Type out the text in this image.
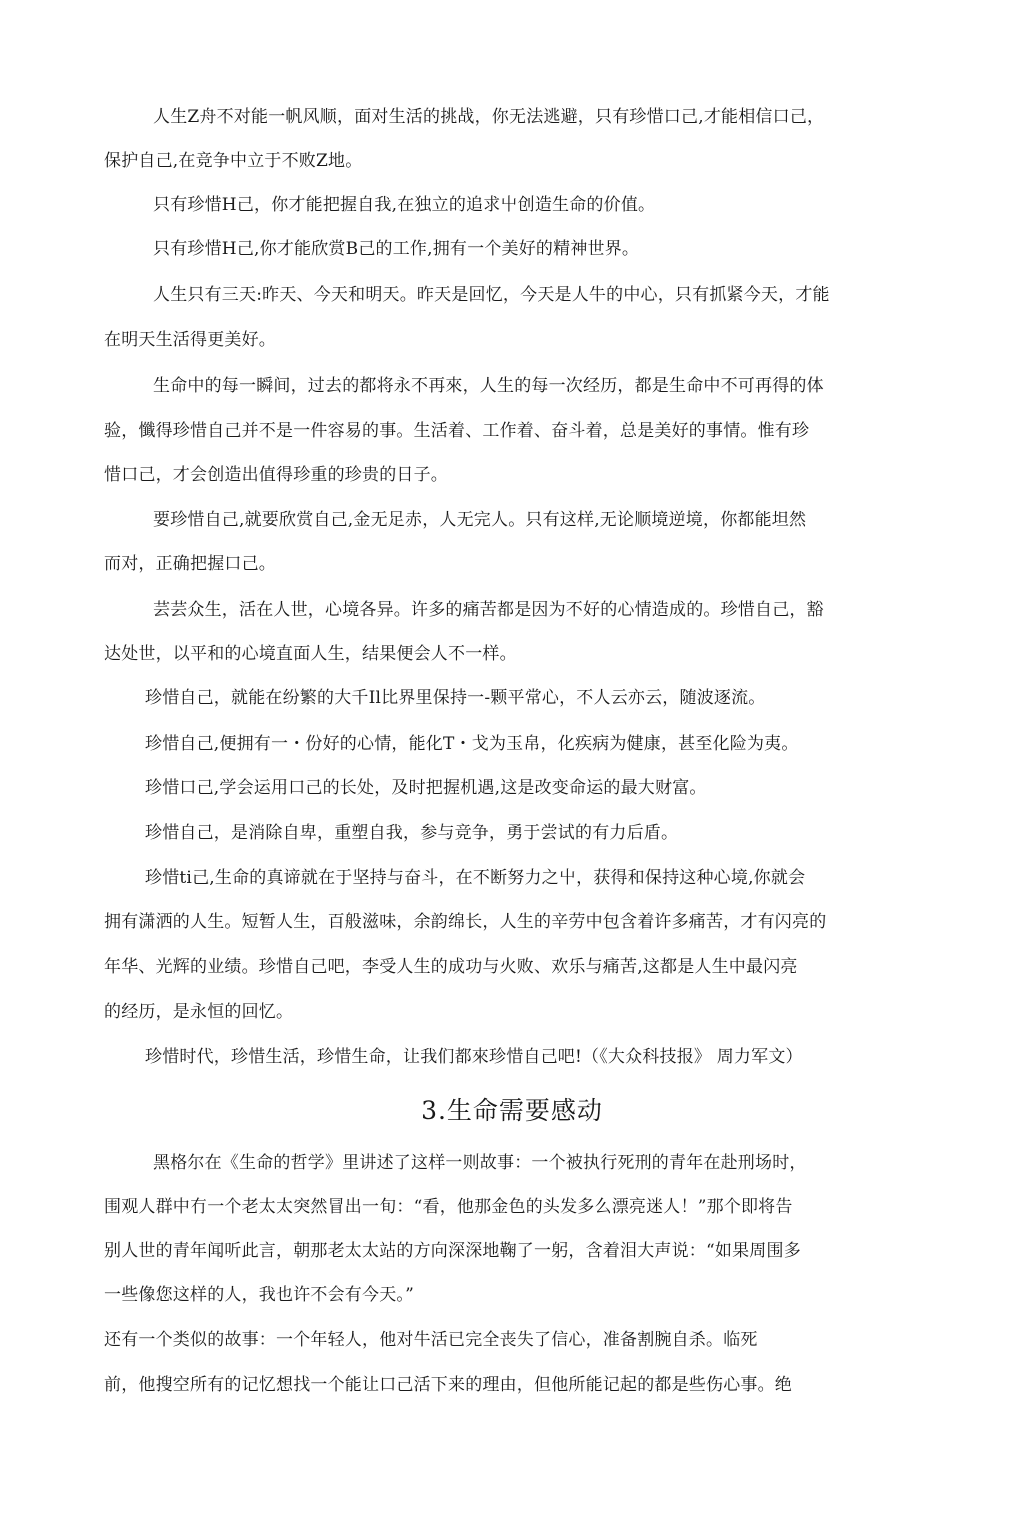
人生Z舟不对能一帆风顺，面对生活的挑战，你无法逃避，只有珍惜口己,才能相信口己，

保护自己,在竞争中立于不败Z地。

只有珍惜H己，你才能把握自我,在独立的追求屮创造生命的价值。

只有珍惜H己,你才能欣赏B己的工作,拥有一个美好的精神世界。

人生只有三天:昨天、今天和明天。昨天是回忆，今天是人牛的中心，只有抓紧今天，才能

在明天生活得更美好。

生命中的每一瞬间，过去的都将永不再來，人生的每一次经历，都是生命中不可再得的体

验，懺得珍惜自己并不是一件容易的事。生活着、工作着、奋斗着，总是美好的事情。惟有珍

惜口己，才会创造出值得珍重的珍贵的日子。

要珍惜自己,就要欣赏自己,金无足赤，人无完人。只有这样,无论顺境逆境，你都能坦然

而对，正确把握口己。

芸芸众生，活在人世，心境各异。许多的痛苦都是因为不好的心情造成的。珍惜自己，豁

达处世，以平和的心境直面人生，结果便会人不一样。

珍惜自己，就能在纷繁的大千Il比界里保持一-颗平常心，不人云亦云，随波逐流。

珍惜自己,便拥有一・份好的心情，能化T・戈为玉帛，化疾病为健康，甚至化险为夷。

珍惜口己,学会运用口己的长处，及时把握机遇,这是改变命运的最大财富。

珍惜自己，是消除自卑，重塑自我，参与竞争，勇于尝试的有力后盾。

珍惜ti己,生命的真谛就在于坚持与奋斗，在不断努力之屮，获得和保持这种心境,你就会

拥有潇洒的人生。短暂人生，百般滋味，余韵绵长，人生的辛劳中包含着许多痛苦，才有闪亮的

年华、光辉的业绩。珍惜自己吧，李受人生的成功与火败、欢乐与痛苦,这都是人生中最闪亮

的经历，是永恒的回忆。

珍惜时代，珍惜生活，珍惜生命，让我们都來珍惜自己吧!（《大众科技报》 周力军文）

3.生命需要感动

黑格尔在《生命的哲学》里讲述了这样一则故事：一个被执行死刑的青年在赴刑场时，

围观人群中冇一个老太太突然冒出一旬：“看，他那金色的头发多么漂亮迷人！”那个即将告

别人世的青年闻听此言，朝那老太太站的方向深深地鞠了一躬，含着泪大声说：“如果周围多

一些像您这样的人，我也许不会有今天。”

还有一个类似的故事：一个年轻人，他对牛活已完全丧失了信心，准备割腕自杀。临死

前，他搜空所有的记忆想找一个能让口己活下来的理由，但他所能记起的都是些伤心事。绝
